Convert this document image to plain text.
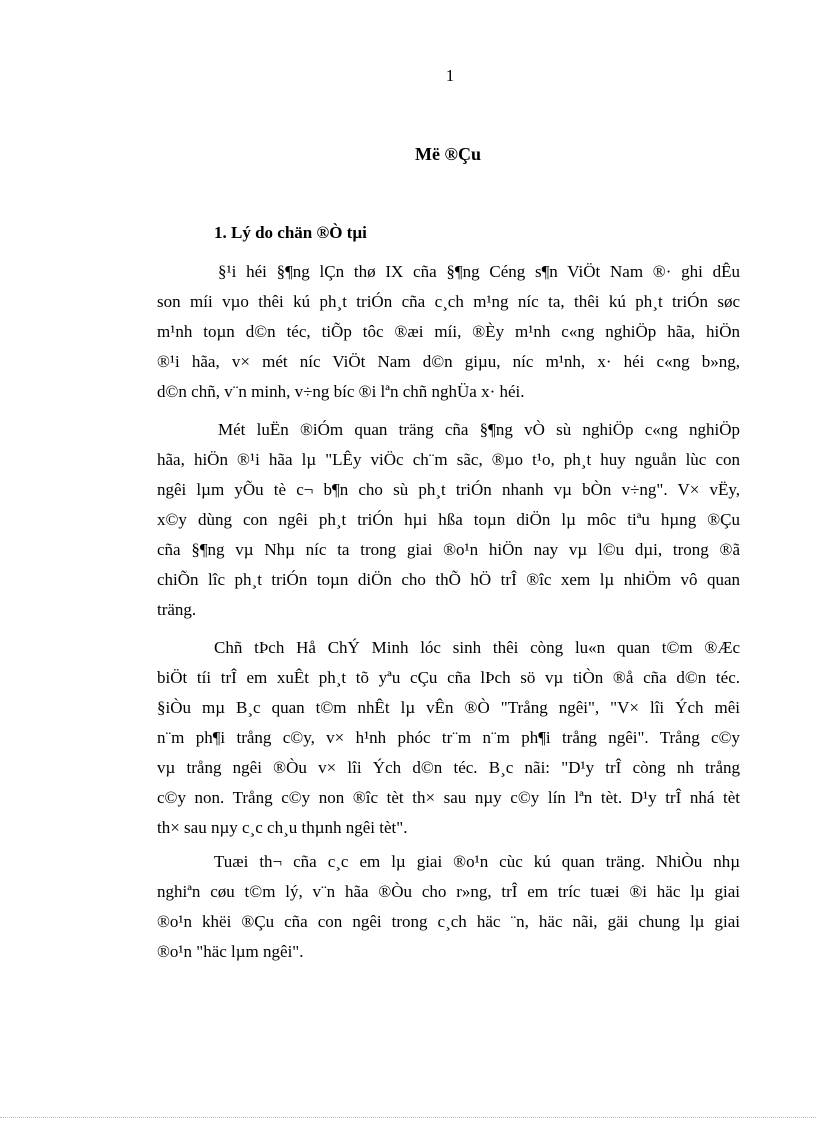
1
Më ®Çu
1. Lý do chän ®Ò tµi
§¹i héi §¶ng lÇn thø IX cña §¶ng Céng s¶n ViÖt Nam ®· ghi dÊu
son míi vµo thêi kú ph¸t triÓn cña c¸ch m¹ng níc ta, thêi kú ph¸t triÓn søc
m¹nh toµn d©n téc, tiÕp tôc ®æi míi, ®Èy m¹nh c«ng nghiÖp hãa, hiÖn
®¹i hãa, v× mét níc ViÖt Nam d©n giµu, níc m¹nh, x· héi c«ng b»ng,
d©n chñ, v¨n minh, v÷ng bíc ®i lªn chñ nghÜa x· héi.
Mét luËn ®iÓm quan träng cña §¶ng vÒ sù nghiÖp c«ng nghiÖp
hãa, hiÖn ®¹i hãa lµ "LÊy viÖc ch¨m sãc, ®µo t¹o, ph¸t huy nguån lùc con
ngêi lµm yÕu tè c¬ b¶n cho sù ph¸t triÓn nhanh vµ bÒn v÷ng". V× vËy,
x©y dùng con ngêi ph¸t triÓn hµi hßa toµn diÖn lµ môc tiªu hµng ®Çu
cña §¶ng vµ Nhµ níc ta trong giai ®o¹n hiÖn nay vµ l©u dµi, trong ®ã
chiÕn lîc ph¸t triÓn toµn diÖn cho thÕ hÖ trÎ ®îc xem lµ nhiÖm vô quan
träng.
Chñ tÞch Hå ChÝ Minh lóc sinh thêi còng lu«n quan t©m ®Æc
biÖt tíi trÎ em xuÊt ph¸t tõ yªu cÇu cña lÞch sö vµ tiÒn ®å cña d©n téc.
§iÒu mµ B¸c quan t©m nhÊt lµ vÊn ®Ò "Trång ngêi", "V× lîi Ých mêi
n¨m ph¶i trång c©y, v× h¹nh phóc tr¨m n¨m ph¶i trång ngêi". Trång c©y
vµ trång ngêi ®Òu v× lîi Ých d©n téc. B¸c nãi: "D¹y trÎ còng nh trång
c©y non. Trång c©y non ®îc tèt th× sau nµy c©y lín lªn tèt. D¹y trÎ nhá tèt
th× sau nµy c¸c ch¸u thµnh ngêi tèt".
Tuæi th¬ cña c¸c em lµ giai ®o¹n cùc kú quan träng. NhiÒu nhµ
nghiªn cøu t©m lý, v¨n hãa ®Òu cho r»ng, trÎ em tríc tuæi ®i häc lµ giai
®o¹n khëi ®Çu cña con ngêi trong c¸ch häc ¨n, häc nãi, gäi chung lµ giai
®o¹n "häc lµm ngêi".
